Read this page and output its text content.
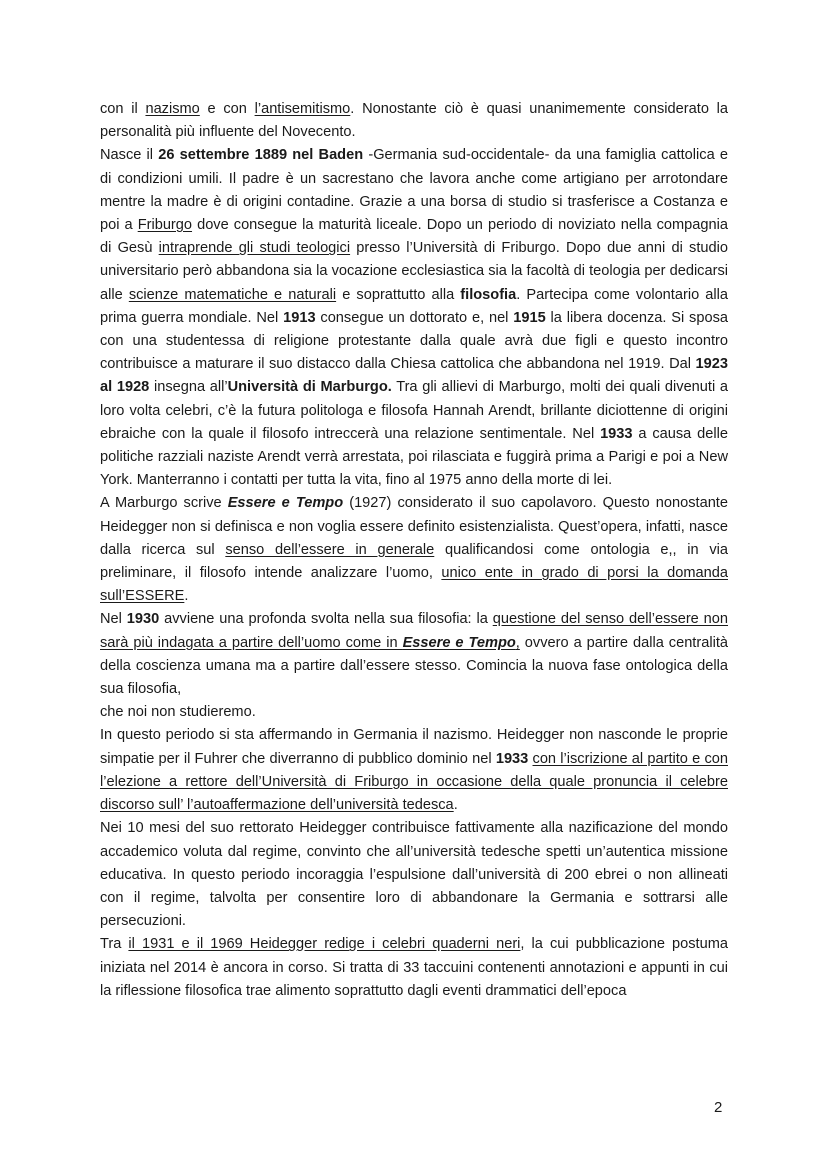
con il nazismo e con l’antisemitismo. Nonostante ciò è quasi unanimemente considerato la personalità più influente del Novecento.

Nasce il 26 settembre 1889 nel Baden -Germania sud-occidentale- da una famiglia cattolica e di condizioni umili. Il padre è un sacrestano che lavora anche come artigiano per arrotondare mentre la madre è di origini contadine. Grazie a una borsa di studio si trasferisce a Costanza e poi a Friburgo dove consegue la maturità liceale. Dopo un periodo di noviziato nella compagnia di Gesù intraprende gli studi teologici presso l’Università di Friburgo. Dopo due anni di studio universitario però abbandona sia la vocazione ecclesiastica sia la facoltà di teologia per dedicarsi alle scienze matematiche e naturali e soprattutto alla filosofia. Partecipa come volontario alla prima guerra mondiale. Nel 1913 consegue un dottorato e, nel 1915 la libera docenza. Si sposa con una studentessa di religione protestante dalla quale avrà due figli e questo incontro contribuisce a maturare il suo distacco dalla Chiesa cattolica che abbandona nel 1919. Dal 1923 al 1928 insegna all’Università di Marburgo. Tra gli allievi di Marburgo, molti dei quali divenuti a loro volta celebri, c’è la futura politologa e filosofa Hannah Arendt, brillante diciottenne di origini ebraiche con la quale il filosofo intreccerà una relazione sentimentale. Nel 1933 a causa delle politiche razziali naziste Arendt verrà arrestata, poi rilasciata e fuggirà prima a Parigi e poi a New York. Manterranno i contatti per tutta la vita, fino al 1975 anno della morte di lei.

A Marburgo scrive Essere e Tempo (1927) considerato il suo capolavoro. Questo nonostante Heidegger non si definisca e non voglia essere definito esistenzialista. Quest’opera, infatti, nasce dalla ricerca sul senso dell’essere in generale qualificandosi come ontologia e,, in via preliminare, il filosofo intende analizzare l’uomo, unico ente in grado di porsi la domanda sull’ESSERE.

Nel 1930 avviene una profonda svolta nella sua filosofia: la questione del senso dell’essere non sarà più indagata a partire dell’uomo come in Essere e Tempo, ovvero a partire dalla centralità della coscienza umana ma a partire dall’essere stesso. Comincia la nuova fase ontologica della sua filosofia,

che noi non studieremo.

In questo periodo si sta affermando in Germania il nazismo. Heidegger non nasconde le proprie simpatie per il Fuhrer che diverranno di pubblico dominio nel 1933 con l’iscrizione al partito e con l’elezione a rettore dell’Università di Friburgo in occasione della quale pronuncia il celebre discorso sull’ l’autoaffermazione dell’università tedesca.

Nei 10 mesi del suo rettorato Heidegger contribuisce fattivamente alla nazificazione del mondo accademico voluta dal regime, convinto che all’università tedesche spetti un’autentica missione educativa. In questo periodo incoraggia l’espulsione dall’università di 200 ebrei o non allineati con il regime, talvolta per consentire loro di abbandonare la Germania e sottrarsi alle persecuzioni.

Tra il 1931 e il 1969 Heidegger redige i celebri quaderni neri, la cui pubblicazione postuma iniziata nel 2014 è ancora in corso. Si tratta di 33 taccuini contenenti annotazioni e appunti in cui la riflessione filosofica trae alimento soprattutto dagli eventi drammatici dell’epoca

2
